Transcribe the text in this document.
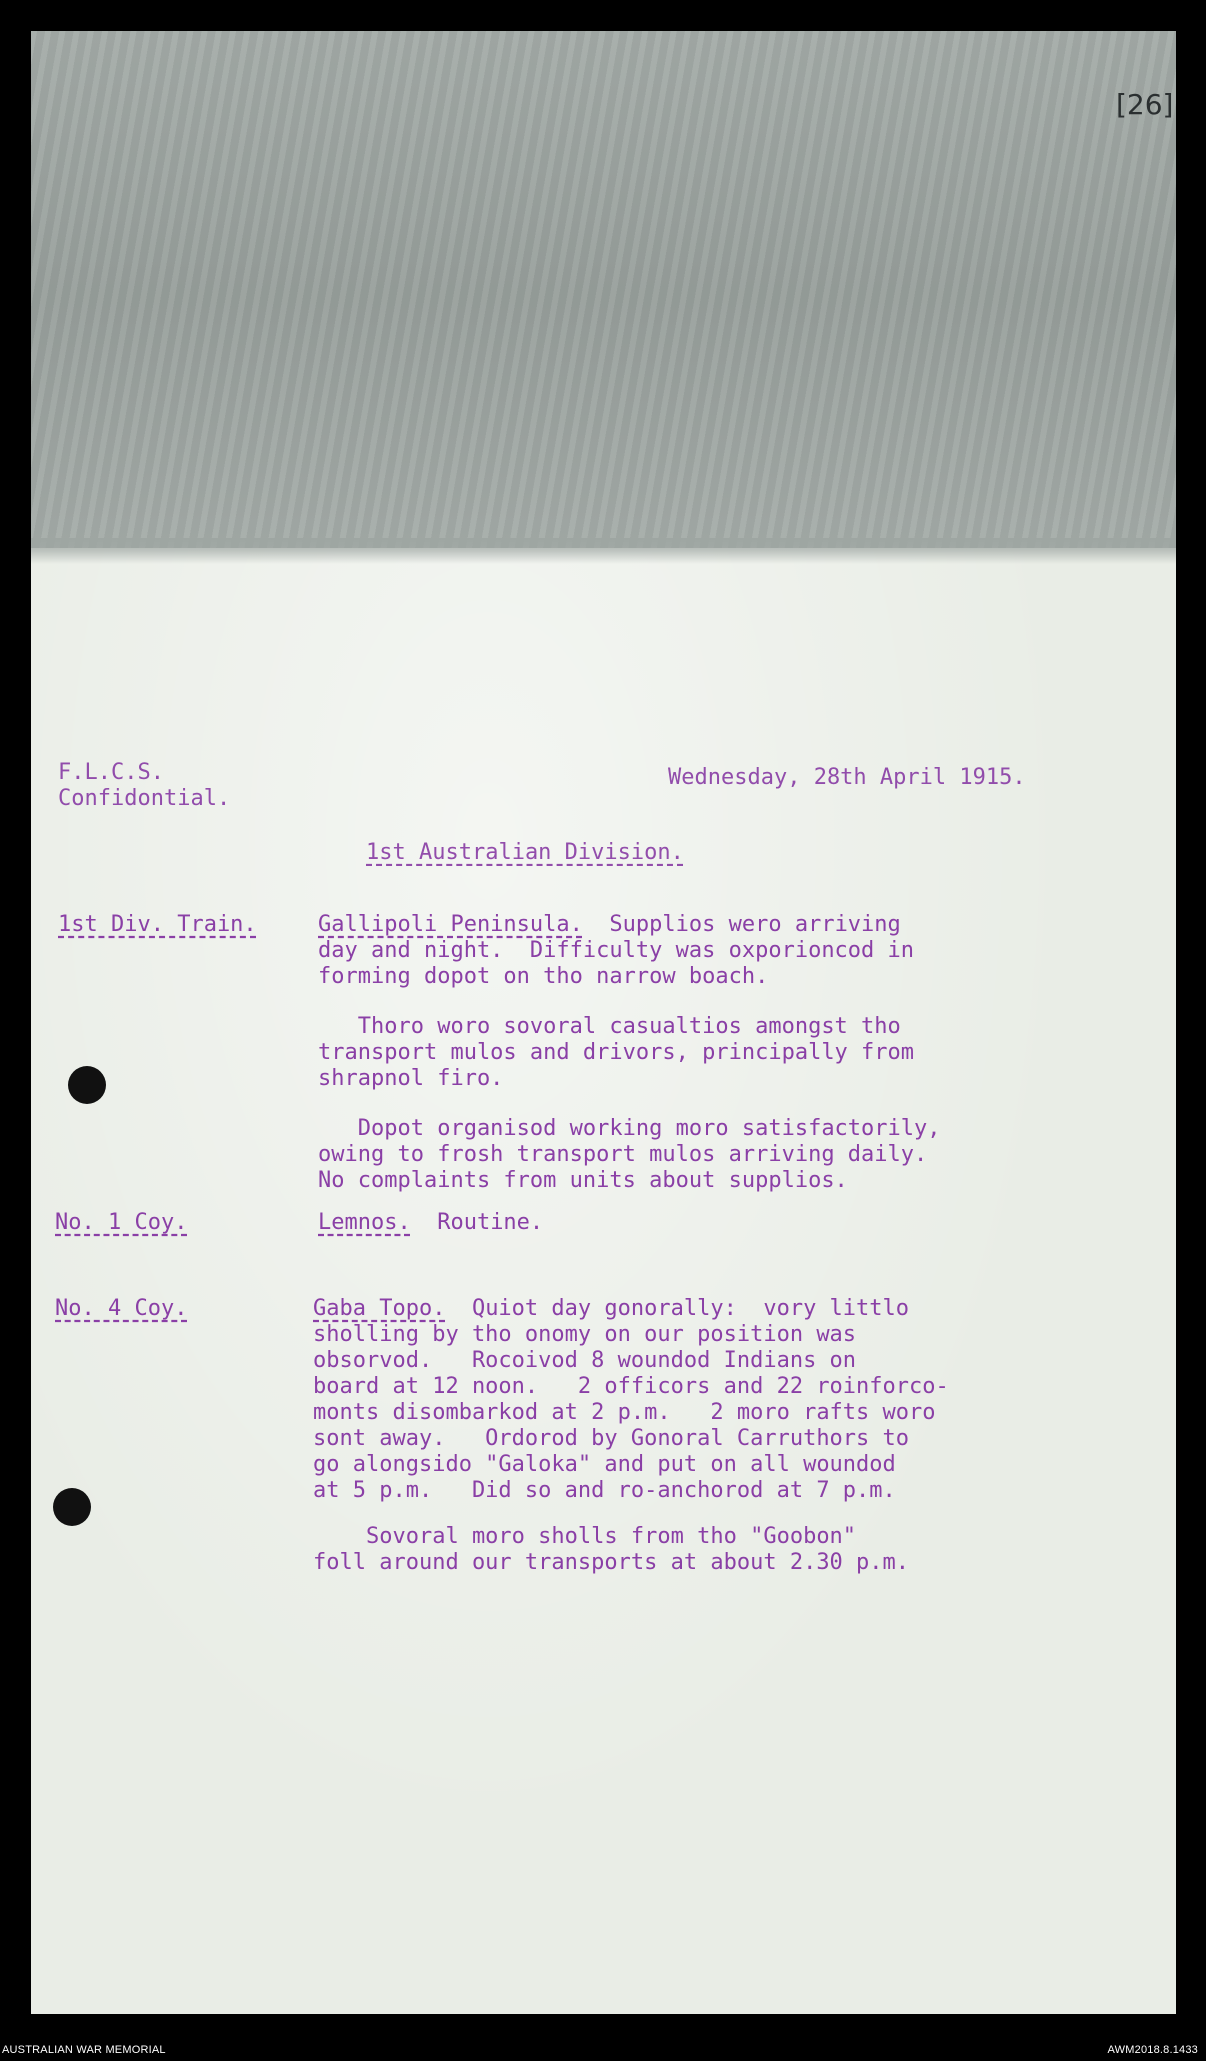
[26]
F.L.C.S.
Confidontial.
Wednesday, 28th April 1915.
1st Australian Division.
1st Div. Train.	Gallipoli Peninsula.  Supplios wero arriving
day and night.  Difficulty was oxporioncod in
forming dopot on tho narrow boach.
Thoro woro sovoral casualtios amongst tho
transport mulos and drivors, principally from
shrapnol firo.
Dopot organisod working moro satisfactorily,
owing to frosh transport mulos arriving daily.
No complaints from units about supplios.
No. 1 Coy.	Lemnos.  Routine.
No. 4 Coy.	Gaba Topo.  Quiot day gonorally:  vory littlo
sholling by tho onomy on our position was
obsorvod.   Rocoivod 8 woundod Indians on
board at 12 noon.   2 officors and 22 roinforco-
monts disombarkod at 2 p.m.   2 moro rafts woro
sont away.   Ordorod by Gonoral Carruthors to
go alongsido "Galoka" and put on all woundod
at 5 p.m.   Did so and ro-anchorod at 7 p.m.
Sovoral moro sholls from tho "Goobon"
foll around our transports at about 2.30 p.m.
AUSTRALIAN WAR MEMORIAL	AWM2018.8.1433
